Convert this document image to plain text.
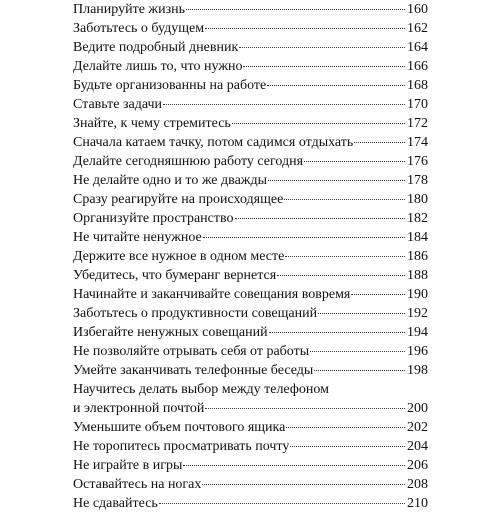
Планируйте жизнь	160
Заботьтесь о будущем	162
Ведите подробный дневник	164
Делайте лишь то, что нужно	166
Будьте организованны на работе	168
Ставьте задачи	170
Знайте, к чему стремитесь	172
Сначала катаем тачку, потом садимся отдыхать	174
Делайте сегодняшнюю работу сегодня	176
Не делайте одно и то же дважды	178
Сразу реагируйте на происходящее	180
Организуйте пространство	182
Не читайте ненужное	184
Держите все нужное в одном месте	186
Убедитесь, что бумеранг вернется	188
Начинайте и заканчивайте совещания вовремя	190
Заботьтесь о продуктивности совещаний	192
Избегайте ненужных совещаний	194
Не позволяйте отрывать себя от работы	196
Умейте заканчивать телефонные беседы	198
Научитесь делать выбор между телефоном
и электронной почтой	200
Уменьшите объем почтового ящика	202
Не торопитесь просматривать почту	204
Не играйте в игры	206
Оставайтесь на ногах	208
Не сдавайтесь	210
